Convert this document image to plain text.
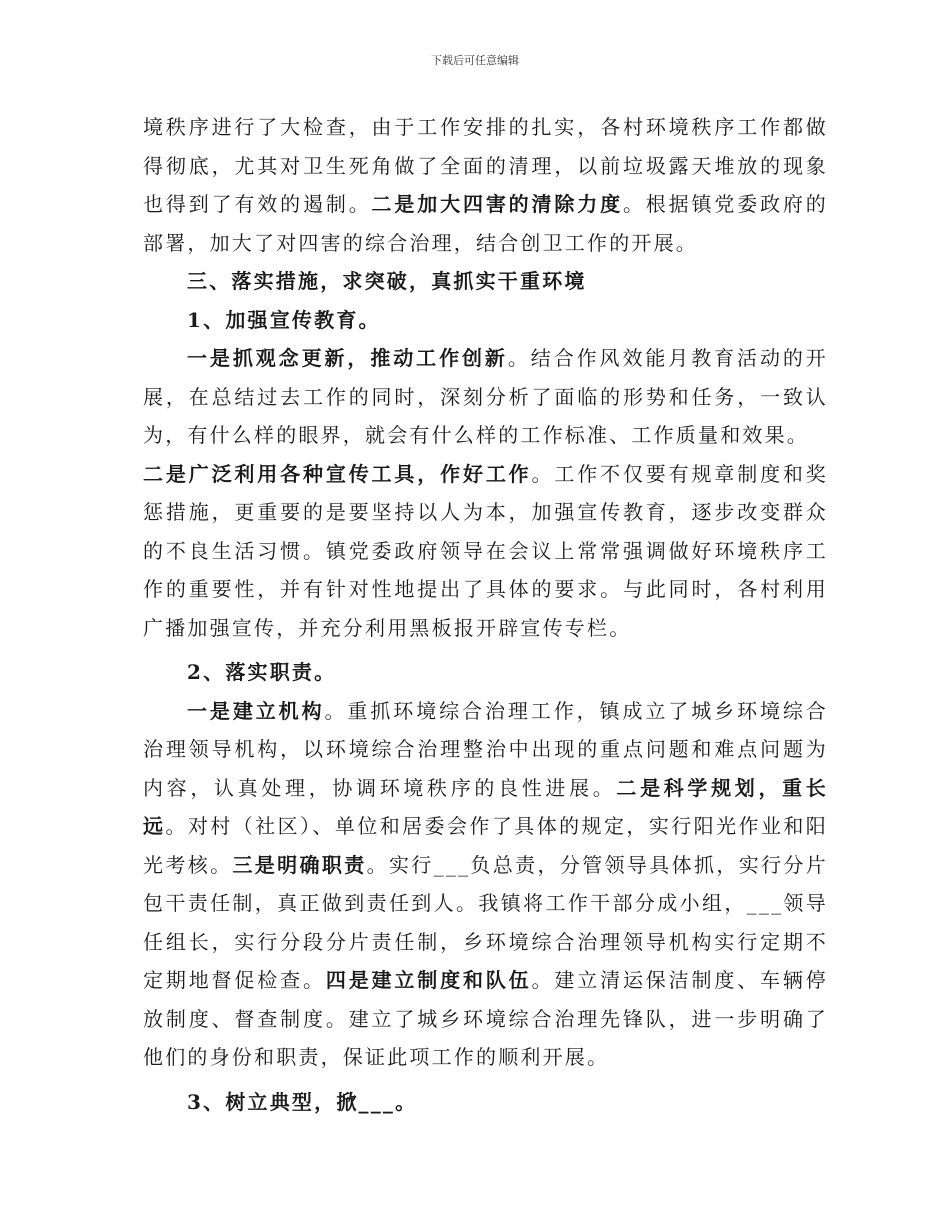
下载后可任意编辑

境秩序进行了大检查，由于工作安排的扎实，各村环境秩序工作都做得彻底，尤其对卫生死角做了全面的清理，以前垃圾露天堆放的现象也得到了有效的遏制。二是加大四害的清除力度。根据镇党委政府的部署，加大了对四害的综合治理，结合创卫工作的开展。

三、落实措施，求突破，真抓实干重环境

1、加强宣传教育。

一是抓观念更新，推动工作创新。结合作风效能月教育活动的开展，在总结过去工作的同时，深刻分析了面临的形势和任务，一致认为，有什么样的眼界，就会有什么样的工作标准、工作质量和效果。

二是广泛利用各种宣传工具，作好工作。工作不仅要有规章制度和奖惩措施，更重要的是要坚持以人为本，加强宣传教育，逐步改变群众的不良生活习惯。镇党委政府领导在会议上常常强调做好环境秩序工作的重要性，并有针对性地提出了具体的要求。与此同时，各村利用广播加强宣传，并充分利用黑板报开辟宣传专栏。

2、落实职责。

一是建立机构。重抓环境综合治理工作，镇成立了城乡环境综合治理领导机构，以环境综合治理整治中出现的重点问题和难点问题为内容，认真处理，协调环境秩序的良性进展。二是科学规划，重长远。对村（社区）、单位和居委会作了具体的规定，实行阳光作业和阳光考核。三是明确职责。实行___负总责，分管领导具体抓，实行分片包干责任制，真正做到责任到人。我镇将工作干部分成小组，___领导任组长，实行分段分片责任制，乡环境综合治理领导机构实行定期不定期地督促检查。四是建立制度和队伍。建立清运保洁制度、车辆停放制度、督查制度。建立了城乡环境综合治理先锋队，进一步明确了他们的身份和职责，保证此项工作的顺利开展。

3、树立典型，掀___。
